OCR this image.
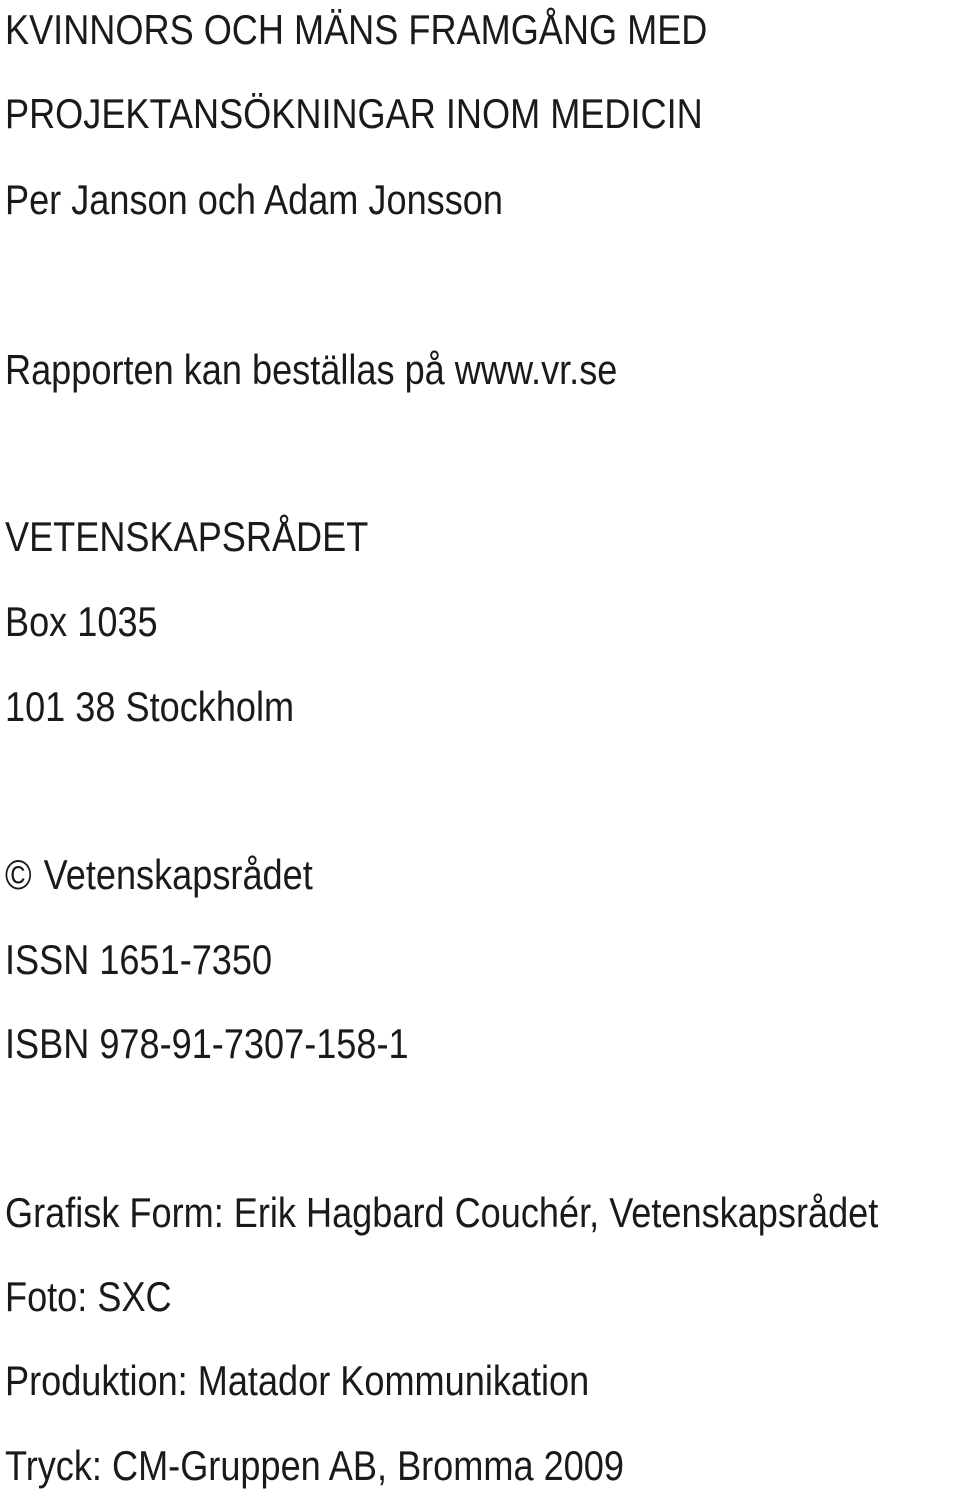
KVINNORS OCH MÄNS FRAMGÅNG MED
PROJEKTANSÖKNINGAR INOM MEDICIN

Per Janson och Adam Jonsson

Rapporten kan beställas på www.vr.se

VETENSKAPSRÅDET

Box 1035

101 38 Stockholm

© Vetenskapsrådet

ISSN 1651-7350

ISBN 978-91-7307-158-1

Grafisk Form: Erik Hagbard Couchér, Vetenskapsrådet

Foto: SXC

Produktion: Matador Kommunikation

Tryck: CM-Gruppen AB, Bromma 2009
